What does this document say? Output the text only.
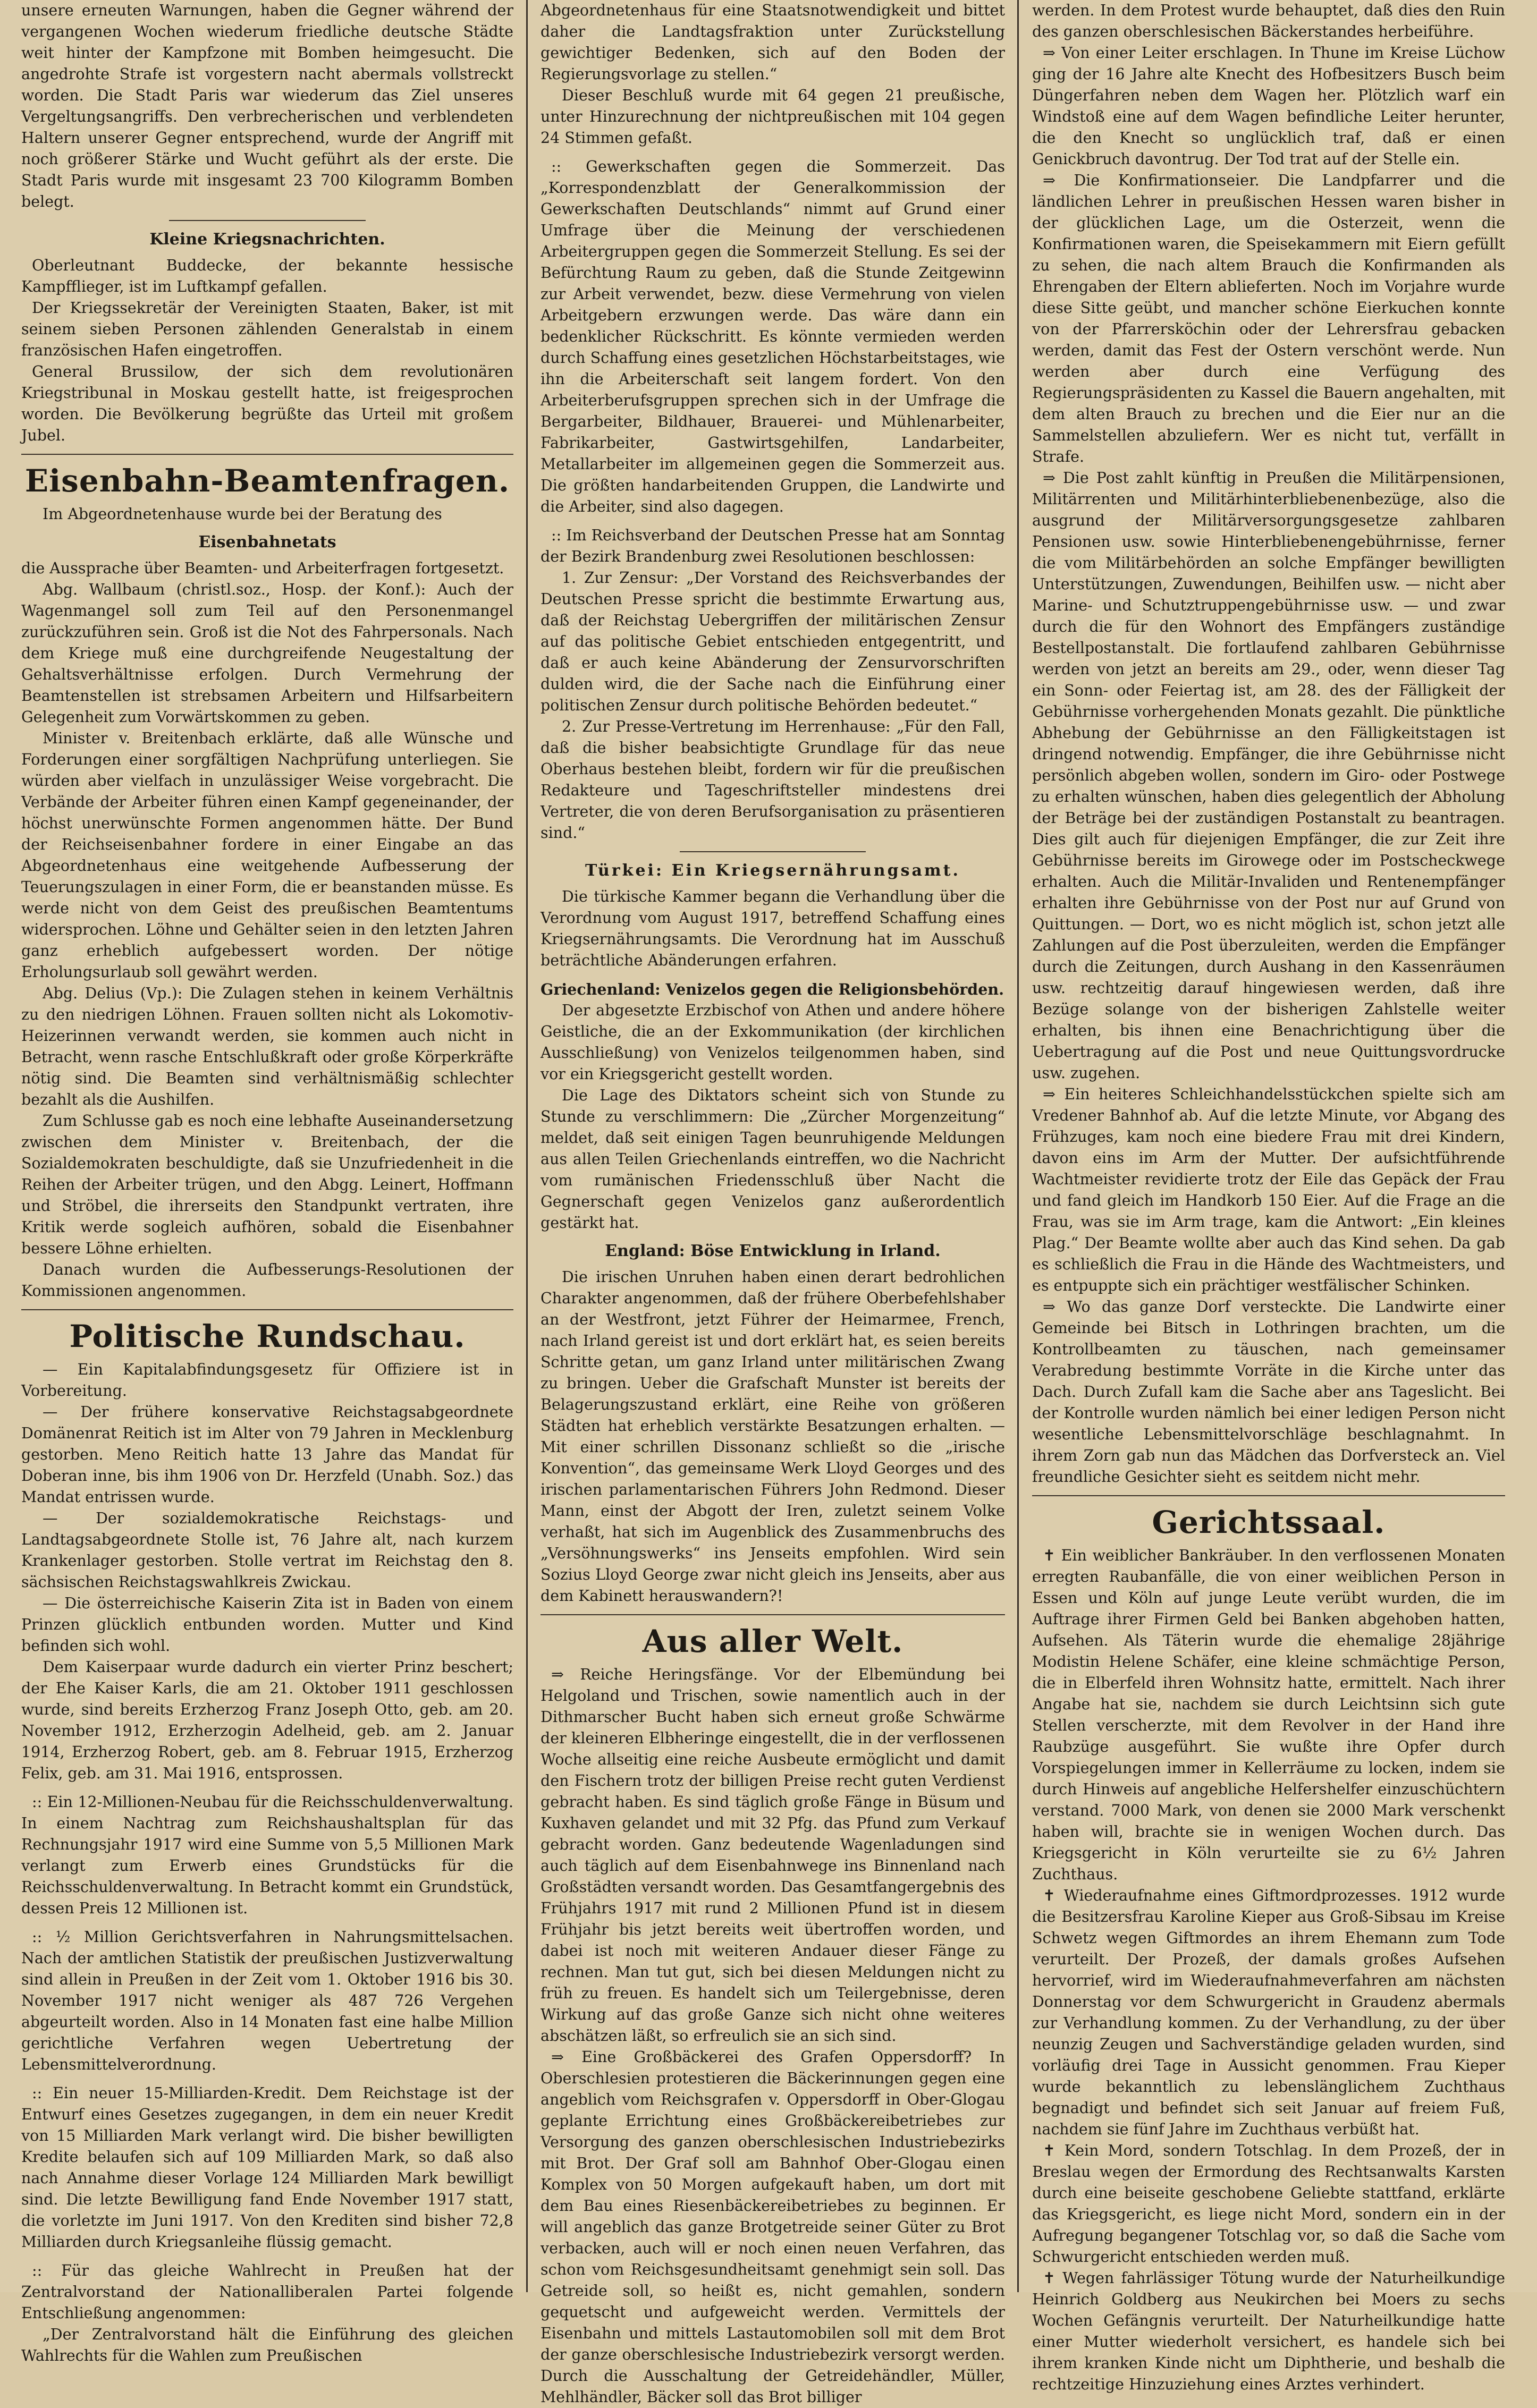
unsere erneuten Warnungen, haben die Gegner während der vergangenen Wochen wiederum friedliche deutsche Städte weit hinter der Kampfzone mit Bomben heimgesucht. Die angedrohte Strafe ist vorgestern nacht abermals vollstreckt worden. Die Stadt Paris war wiederum das Ziel unseres Vergeltungsangriffs. Den verbrecherischen und verblendeten Haltern unserer Gegner entsprechend, wurde der Angriff mit noch größerer Stärke und Wucht geführt als der erste. Die Stadt Paris wurde mit insgesamt 23 700 Kilogramm Bomben belegt.

Kleine Kriegsnachrichten.

Oberleutnant Buddecke, der bekannte hessische Kampfflieger, ist im Luftkampf gefallen.

Der Kriegssekretär der Vereinigten Staaten, Baker, ist mit seinem sieben Personen zählenden Generalstab in einem französischen Hafen eingetroffen.

General Brussilow, der sich dem revolutionären Kriegstribunal in Moskau gestellt hatte, ist freigesprochen worden. Die Bevölkerung begrüßte das Urteil mit großem Jubel.

Eisenbahn-Beamtenfragen.

Im Abgeordnetenhause wurde bei der Beratung des

Eisenbahnetats

die Aussprache über Beamten- und Arbeiterfragen fortgesetzt.

Abg. Wallbaum (christl.soz., Hosp. der Konf.): Auch der Wagenmangel soll zum Teil auf den Personenmangel zurückzuführen sein. Groß ist die Not des Fahrpersonals. Nach dem Kriege muß eine durchgreifende Neugestaltung der Gehaltsverhältnisse erfolgen. Durch Vermehrung der Beamtenstellen ist strebsamen Arbeitern und Hilfsarbeitern Gelegenheit zum Vorwärtskommen zu geben.

Minister v. Breitenbach erklärte, daß alle Wünsche und Forderungen einer sorgfältigen Nachprüfung unterliegen. Sie würden aber vielfach in unzulässiger Weise vorgebracht. Die Verbände der Arbeiter führen einen Kampf gegeneinander, der höchst unerwünschte Formen angenommen hätte. Der Bund der Reichseisenbahner fordere in einer Eingabe an das Abgeordnetenhaus eine weitgehende Aufbesserung der Teuerungszulagen in einer Form, die er beanstanden müsse. Es werde nicht von dem Geist des preußischen Beamtentums widersprochen. Löhne und Gehälter seien in den letzten Jahren ganz erheblich aufgebessert worden. Der nötige Erholungsurlaub soll gewährt werden.

Abg. Delius (Vp.): Die Zulagen stehen in keinem Verhältnis zu den niedrigen Löhnen. Frauen sollten nicht als Lokomotiv-Heizerinnen verwandt werden, sie kommen auch nicht in Betracht, wenn rasche Entschlußkraft oder große Körperkräfte nötig sind. Die Beamten sind verhältnismäßig schlechter bezahlt als die Aushilfen.

Zum Schlusse gab es noch eine lebhafte Auseinandersetzung zwischen dem Minister v. Breitenbach, der die Sozialdemokraten beschuldigte, daß sie Unzufriedenheit in die Reihen der Arbeiter trügen, und den Abgg. Leinert, Hoffmann und Ströbel, die ihrerseits den Standpunkt vertraten, ihre Kritik werde sogleich aufhören, sobald die Eisenbahner bessere Löhne erhielten.

Danach wurden die Aufbesserungs-Resolutionen der Kommissionen angenommen.

Politische Rundschau.

— Ein Kapitalabfindungsgesetz für Offiziere ist in Vorbereitung.

— Der frühere konservative Reichstagsabgeordnete Domänenrat Reitich ist im Alter von 79 Jahren in Mecklenburg gestorben. Meno Reitich hatte 13 Jahre das Mandat für Doberan inne, bis ihm 1906 von Dr. Herzfeld (Unabh. Soz.) das Mandat entrissen wurde.

— Der sozialdemokratische Reichstags- und Landtagsabgeordnete Stolle ist, 76 Jahre alt, nach kurzem Krankenlager gestorben. Stolle vertrat im Reichstag den 8. sächsischen Reichstagswahlkreis Zwickau.

— Die österreichische Kaiserin Zita ist in Baden von einem Prinzen glücklich entbunden worden. Mutter und Kind befinden sich wohl.

Dem Kaiserpaar wurde dadurch ein vierter Prinz beschert; der Ehe Kaiser Karls, die am 21. Oktober 1911 geschlossen wurde, sind bereits Erzherzog Franz Joseph Otto, geb. am 20. November 1912, Erzherzogin Adelheid, geb. am 2. Januar 1914, Erzherzog Robert, geb. am 8. Februar 1915, Erzherzog Felix, geb. am 31. Mai 1916, entsprossen.

:: Ein 12-Millionen-Neubau für die Reichsschuldenverwaltung. In einem Nachtrag zum Reichshaushaltsplan für das Rechnungsjahr 1917 wird eine Summe von 5,5 Millionen Mark verlangt zum Erwerb eines Grundstücks für die Reichsschuldenverwaltung. In Betracht kommt ein Grundstück, dessen Preis 12 Millionen ist.

:: ½ Million Gerichtsverfahren in Nahrungsmittelsachen. Nach der amtlichen Statistik der preußischen Justizverwaltung sind allein in Preußen in der Zeit vom 1. Oktober 1916 bis 30. November 1917 nicht weniger als 487 726 Vergehen abgeurteilt worden. Also in 14 Monaten fast eine halbe Million gerichtliche Verfahren wegen Uebertretung der Lebensmittelverordnung.

:: Ein neuer 15-Milliarden-Kredit. Dem Reichstage ist der Entwurf eines Gesetzes zugegangen, in dem ein neuer Kredit von 15 Milliarden Mark verlangt wird. Die bisher bewilligten Kredite belaufen sich auf 109 Milliarden Mark, so daß also nach Annahme dieser Vorlage 124 Milliarden Mark bewilligt sind. Die letzte Bewilligung fand Ende November 1917 statt, die vorletzte im Juni 1917. Von den Krediten sind bisher 72,8 Milliarden durch Kriegsanleihe flüssig gemacht.

:: Für das gleiche Wahlrecht in Preußen hat der Zentralvorstand der Nationalliberalen Partei folgende Entschließung angenommen:

„Der Zentralvorstand hält die Einführung des gleichen Wahlrechts für die Wahlen zum Preußischen

Abgeordnetenhaus für eine Staatsnotwendigkeit und bittet daher die Landtagsfraktion unter Zurückstellung gewichtiger Bedenken, sich auf den Boden der Regierungsvorlage zu stellen.“

Dieser Beschluß wurde mit 64 gegen 21 preußische, unter Hinzurechnung der nichtpreußischen mit 104 gegen 24 Stimmen gefaßt.

:: Gewerkschaften gegen die Sommerzeit. Das „Korrespondenzblatt der Generalkommission der Gewerkschaften Deutschlands“ nimmt auf Grund einer Umfrage über die Meinung der verschiedenen Arbeitergruppen gegen die Sommerzeit Stellung. Es sei der Befürchtung Raum zu geben, daß die Stunde Zeitgewinn zur Arbeit verwendet, bezw. diese Vermehrung von vielen Arbeitgebern erzwungen werde. Das wäre dann ein bedenklicher Rückschritt. Es könnte vermieden werden durch Schaffung eines gesetzlichen Höchstarbeitstages, wie ihn die Arbeiterschaft seit langem fordert. Von den Arbeiterberufsgruppen sprechen sich in der Umfrage die Bergarbeiter, Bildhauer, Brauerei- und Mühlenarbeiter, Fabrikarbeiter, Gastwirtsgehilfen, Landarbeiter, Metallarbeiter im allgemeinen gegen die Sommerzeit aus. Die größten handarbeitenden Gruppen, die Landwirte und die Arbeiter, sind also dagegen.

:: Im Reichsverband der Deutschen Presse hat am Sonntag der Bezirk Brandenburg zwei Resolutionen beschlossen:

1. Zur Zensur: „Der Vorstand des Reichsverbandes der Deutschen Presse spricht die bestimmte Erwartung aus, daß der Reichstag Uebergriffen der militärischen Zensur auf das politische Gebiet entschieden entgegentritt, und daß er auch keine Abänderung der Zensurvorschriften dulden wird, die der Sache nach die Einführung einer politischen Zensur durch politische Behörden bedeutet.“

2. Zur Presse-Vertretung im Herrenhause: „Für den Fall, daß die bisher beabsichtigte Grundlage für das neue Oberhaus bestehen bleibt, fordern wir für die preußischen Redakteure und Tageschriftsteller mindestens drei Vertreter, die von deren Berufsorganisation zu präsentieren sind.“

Türkei: Ein Kriegsernährungsamt.

Die türkische Kammer begann die Verhandlung über die Verordnung vom August 1917, betreffend Schaffung eines Kriegsernährungsamts. Die Verordnung hat im Ausschuß beträchtliche Abänderungen erfahren.

Griechenland: Venizelos gegen die Religionsbehörden.

Der abgesetzte Erzbischof von Athen und andere höhere Geistliche, die an der Exkommunikation (der kirchlichen Ausschließung) von Venizelos teilgenommen haben, sind vor ein Kriegsgericht gestellt worden.

Die Lage des Diktators scheint sich von Stunde zu Stunde zu verschlimmern: Die „Zürcher Morgenzeitung“ meldet, daß seit einigen Tagen beunruhigende Meldungen aus allen Teilen Griechenlands eintreffen, wo die Nachricht vom rumänischen Friedensschluß über Nacht die Gegnerschaft gegen Venizelos ganz außerordentlich gestärkt hat.

England: Böse Entwicklung in Irland.

Die irischen Unruhen haben einen derart bedrohlichen Charakter angenommen, daß der frühere Oberbefehlshaber an der Westfront, jetzt Führer der Heimarmee, French, nach Irland gereist ist und dort erklärt hat, es seien bereits Schritte getan, um ganz Irland unter militärischen Zwang zu bringen. Ueber die Grafschaft Munster ist bereits der Belagerungszustand erklärt, eine Reihe von größeren Städten hat erheblich verstärkte Besatzungen erhalten. — Mit einer schrillen Dissonanz schließt so die „irische Konvention“, das gemeinsame Werk Lloyd Georges und des irischen parlamentarischen Führers John Redmond. Dieser Mann, einst der Abgott der Iren, zuletzt seinem Volke verhaßt, hat sich im Augenblick des Zusammenbruchs des „Versöhnungswerks“ ins Jenseits empfohlen. Wird sein Sozius Lloyd George zwar nicht gleich ins Jenseits, aber aus dem Kabinett herauswandern?!

Aus aller Welt.

⇒ Reiche Heringsfänge. Vor der Elbemündung bei Helgoland und Trischen, sowie namentlich auch in der Dithmarscher Bucht haben sich erneut große Schwärme der kleineren Elbheringe eingestellt, die in der verflossenen Woche allseitig eine reiche Ausbeute ermöglicht und damit den Fischern trotz der billigen Preise recht guten Verdienst gebracht haben. Es sind täglich große Fänge in Büsum und Kuxhaven gelandet und mit 32 Pfg. das Pfund zum Verkauf gebracht worden. Ganz bedeutende Wagenladungen sind auch täglich auf dem Eisenbahnwege ins Binnenland nach Großstädten versandt worden. Das Gesamtfangergebnis des Frühjahrs 1917 mit rund 2 Millionen Pfund ist in diesem Frühjahr bis jetzt bereits weit übertroffen worden, und dabei ist noch mit weiteren Andauer dieser Fänge zu rechnen. Man tut gut, sich bei diesen Meldungen nicht zu früh zu freuen. Es handelt sich um Teilergebnisse, deren Wirkung auf das große Ganze sich nicht ohne weiteres abschätzen läßt, so erfreulich sie an sich sind.

⇒ Eine Großbäckerei des Grafen Oppersdorff? In Oberschlesien protestieren die Bäckerinnungen gegen eine angeblich vom Reichsgrafen v. Oppersdorff in Ober-Glogau geplante Errichtung eines Großbäckereibetriebes zur Versorgung des ganzen oberschlesischen Industriebezirks mit Brot. Der Graf soll am Bahnhof Ober-Glogau einen Komplex von 50 Morgen aufgekauft haben, um dort mit dem Bau eines Riesenbäckereibetriebes zu beginnen. Er will angeblich das ganze Brotgetreide seiner Güter zu Brot verbacken, auch will er noch einen neuen Verfahren, das schon vom Reichsgesundheitsamt genehmigt sein soll. Das Getreide soll, so heißt es, nicht gemahlen, sondern gequetscht und aufgeweicht werden. Vermittels der Eisenbahn und mittels Lastautomobilen soll mit dem Brot der ganze oberschlesische Industriebezirk versorgt werden. Durch die Ausschaltung der Getreidehändler, Müller, Mehlhändler, Bäcker soll das Brot billiger

werden. In dem Protest wurde behauptet, daß dies den Ruin des ganzen oberschlesischen Bäckerstandes herbeiführe.

⇒ Von einer Leiter erschlagen. In Thune im Kreise Lüchow ging der 16 Jahre alte Knecht des Hofbesitzers Busch beim Düngerfahren neben dem Wagen her. Plötzlich warf ein Windstoß eine auf dem Wagen befindliche Leiter herunter, die den Knecht so unglücklich traf, daß er einen Genickbruch davontrug. Der Tod trat auf der Stelle ein.

⇒ Die Konfirmationseier. Die Landpfarrer und die ländlichen Lehrer in preußischen Hessen waren bisher in der glücklichen Lage, um die Osterzeit, wenn die Konfirmationen waren, die Speisekammern mit Eiern gefüllt zu sehen, die nach altem Brauch die Konfirmanden als Ehrengaben der Eltern ablieferten. Noch im Vorjahre wurde diese Sitte geübt, und mancher schöne Eierkuchen konnte von der Pfarrersköchin oder der Lehrersfrau gebacken werden, damit das Fest der Ostern verschönt werde. Nun werden aber durch eine Verfügung des Regierungspräsidenten zu Kassel die Bauern angehalten, mit dem alten Brauch zu brechen und die Eier nur an die Sammelstellen abzuliefern. Wer es nicht tut, verfällt in Strafe.

⇒ Die Post zahlt künftig in Preußen die Militärpensionen, Militärrenten und Militärhinterbliebenenbezüge, also die ausgrund der Militärversorgungsgesetze zahlbaren Pensionen usw. sowie Hinterbliebenengebührnisse, ferner die vom Militärbehörden an solche Empfänger bewilligten Unterstützungen, Zuwendungen, Beihilfen usw. — nicht aber Marine- und Schutztruppengebührnisse usw. — und zwar durch die für den Wohnort des Empfängers zuständige Bestellpostanstalt. Die fortlaufend zahlbaren Gebührnisse werden von jetzt an bereits am 29., oder, wenn dieser Tag ein Sonn- oder Feiertag ist, am 28. des der Fälligkeit der Gebührnisse vorhergehenden Monats gezahlt. Die pünktliche Abhebung der Gebührnisse an den Fälligkeitstagen ist dringend notwendig. Empfänger, die ihre Gebührnisse nicht persönlich abgeben wollen, sondern im Giro- oder Postwege zu erhalten wünschen, haben dies gelegentlich der Abholung der Beträge bei der zuständigen Postanstalt zu beantragen. Dies gilt auch für diejenigen Empfänger, die zur Zeit ihre Gebührnisse bereits im Girowege oder im Postscheckwege erhalten. Auch die Militär-Invaliden und Rentenempfänger erhalten ihre Gebührnisse von der Post nur auf Grund von Quittungen. — Dort, wo es nicht möglich ist, schon jetzt alle Zahlungen auf die Post überzuleiten, werden die Empfänger durch die Zeitungen, durch Aushang in den Kassenräumen usw. rechtzeitig darauf hingewiesen werden, daß ihre Bezüge solange von der bisherigen Zahlstelle weiter erhalten, bis ihnen eine Benachrichtigung über die Uebertragung auf die Post und neue Quittungsvordrucke usw. zugehen.

⇒ Ein heiteres Schleichhandelsstückchen spielte sich am Vredener Bahnhof ab. Auf die letzte Minute, vor Abgang des Frühzuges, kam noch eine biedere Frau mit drei Kindern, davon eins im Arm der Mutter. Der aufsichtführende Wachtmeister revidierte trotz der Eile das Gepäck der Frau und fand gleich im Handkorb 150 Eier. Auf die Frage an die Frau, was sie im Arm trage, kam die Antwort: „Ein kleines Plag.“ Der Beamte wollte aber auch das Kind sehen. Da gab es schließlich die Frau in die Hände des Wachtmeisters, und es entpuppte sich ein prächtiger westfälischer Schinken.

⇒ Wo das ganze Dorf versteckte. Die Landwirte einer Gemeinde bei Bitsch in Lothringen brachten, um die Kontrollbeamten zu täuschen, nach gemeinsamer Verabredung bestimmte Vorräte in die Kirche unter das Dach. Durch Zufall kam die Sache aber ans Tageslicht. Bei der Kontrolle wurden nämlich bei einer ledigen Person nicht wesentliche Lebensmittelvorschläge beschlagnahmt. In ihrem Zorn gab nun das Mädchen das Dorfversteck an. Viel freundliche Gesichter sieht es seitdem nicht mehr.

Gerichtssaal.

✝ Ein weiblicher Bankräuber. In den verflossenen Monaten erregten Raubanfälle, die von einer weiblichen Person in Essen und Köln auf junge Leute verübt wurden, die im Auftrage ihrer Firmen Geld bei Banken abgehoben hatten, Aufsehen. Als Täterin wurde die ehemalige 28jährige Modistin Helene Schäfer, eine kleine schmächtige Person, die in Elberfeld ihren Wohnsitz hatte, ermittelt. Nach ihrer Angabe hat sie, nachdem sie durch Leichtsinn sich gute Stellen verscherzte, mit dem Revolver in der Hand ihre Raubzüge ausgeführt. Sie wußte ihre Opfer durch Vorspiegelungen immer in Kellerräume zu locken, indem sie durch Hinweis auf angebliche Helfershelfer einzuschüchtern verstand. 7000 Mark, von denen sie 2000 Mark verschenkt haben will, brachte sie in wenigen Wochen durch. Das Kriegsgericht in Köln verurteilte sie zu 6½ Jahren Zuchthaus.

✝ Wiederaufnahme eines Giftmordprozesses. 1912 wurde die Besitzersfrau Karoline Kieper aus Groß-Sibsau im Kreise Schwetz wegen Giftmordes an ihrem Ehemann zum Tode verurteilt. Der Prozeß, der damals großes Aufsehen hervorrief, wird im Wiederaufnahmeverfahren am nächsten Donnerstag vor dem Schwurgericht in Graudenz abermals zur Verhandlung kommen. Zu der Verhandlung, zu der über neunzig Zeugen und Sachverständige geladen wurden, sind vorläufig drei Tage in Aussicht genommen. Frau Kieper wurde bekanntlich zu lebenslänglichem Zuchthaus begnadigt und befindet sich seit Januar auf freiem Fuß, nachdem sie fünf Jahre im Zuchthaus verbüßt hat.

✝ Kein Mord, sondern Totschlag. In dem Prozeß, der in Breslau wegen der Ermordung des Rechtsanwalts Karsten durch eine beiseite geschobene Geliebte stattfand, erklärte das Kriegsgericht, es liege nicht Mord, sondern ein in der Aufregung begangener Totschlag vor, so daß die Sache vom Schwurgericht entschieden werden muß.

✝ Wegen fahrlässiger Tötung wurde der Naturheilkundige Heinrich Goldberg aus Neukirchen bei Moers zu sechs Wochen Gefängnis verurteilt. Der Naturheilkundige hatte einer Mutter wiederholt versichert, es handele sich bei ihrem kranken Kinde nicht um Diphtherie, und beshalb die rechtzeitige Hinzuziehung eines Arztes verhindert.
